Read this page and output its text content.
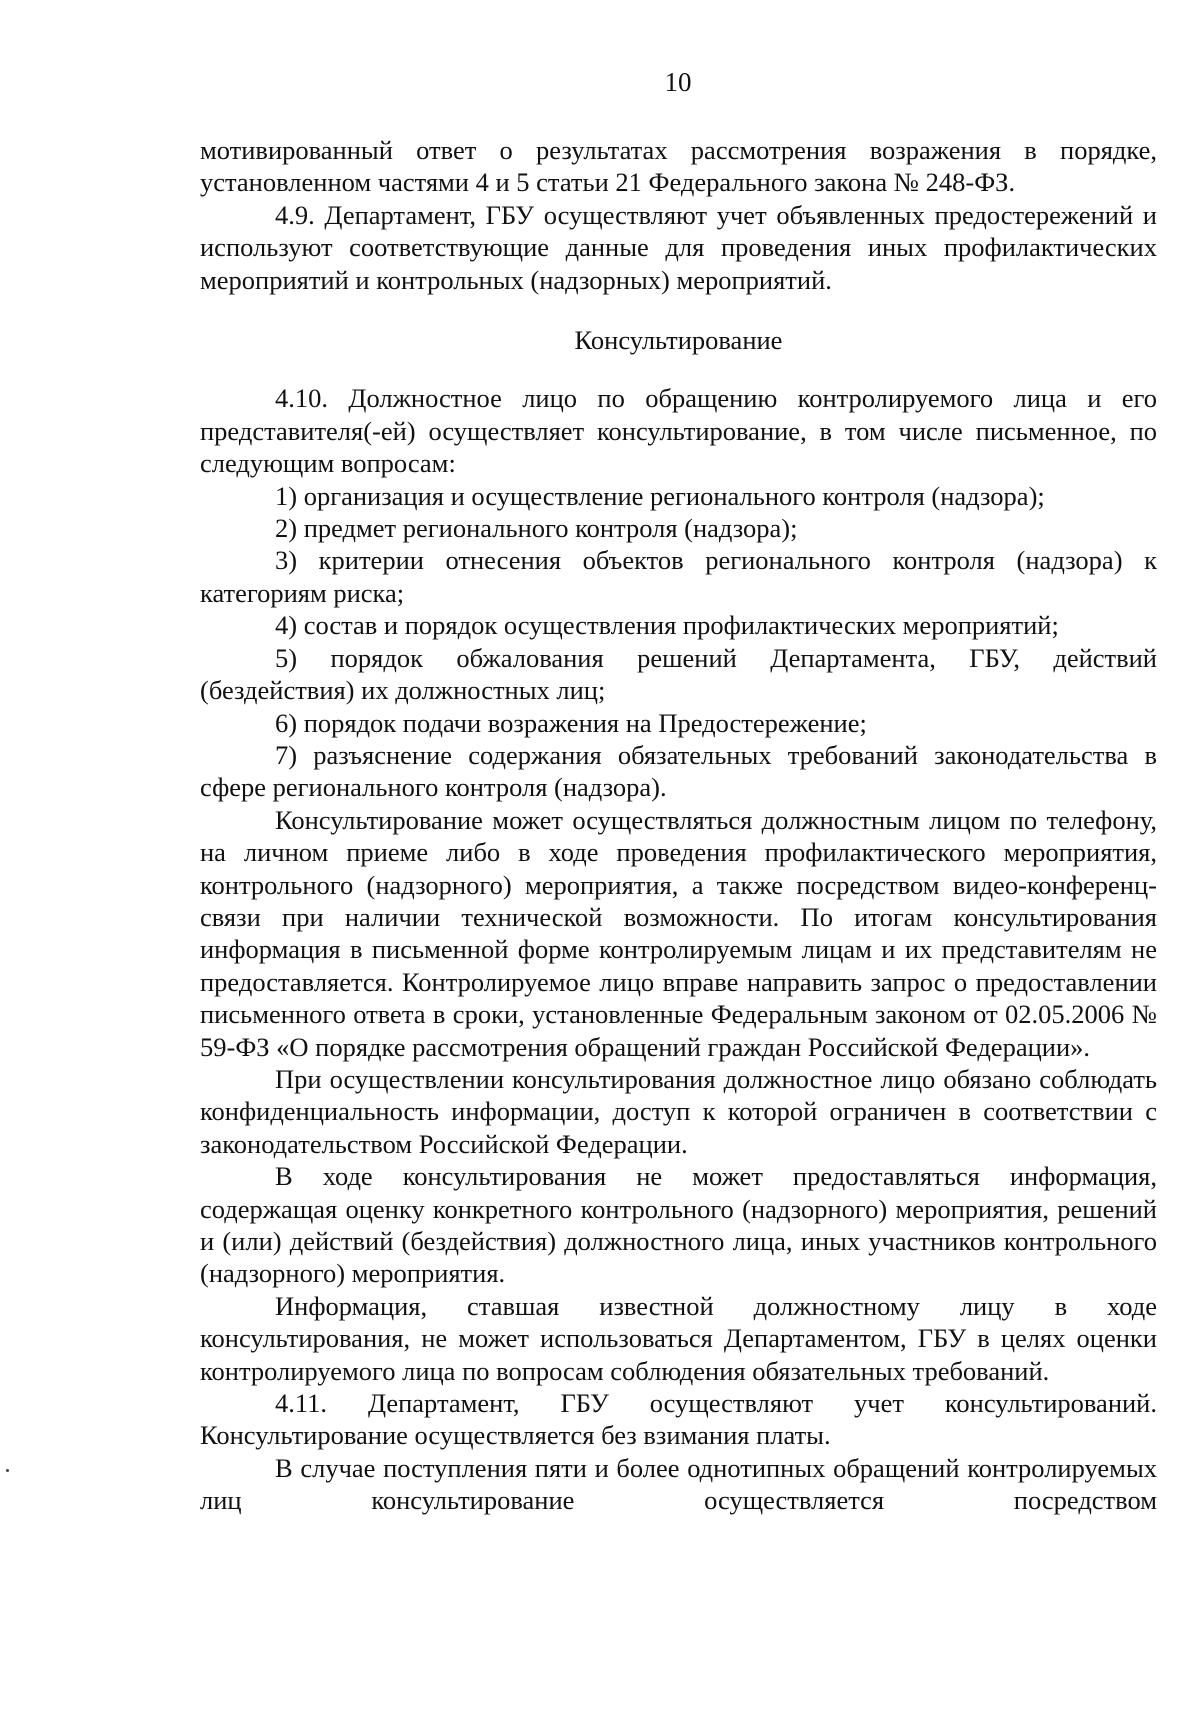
10

мотивированный ответ о результатах рассмотрения возражения в порядке, установленном частями 4 и 5 статьи 21 Федерального закона № 248-ФЗ.

4.9. Департамент, ГБУ осуществляют учет объявленных предостережений и используют соответствующие данные для проведения иных профилактических мероприятий и контрольных (надзорных) мероприятий.

Консультирование

4.10. Должностное лицо по обращению контролируемого лица и его представителя(-ей) осуществляет консультирование, в том числе письменное, по следующим вопросам:

1) организация и осуществление регионального контроля (надзора);

2) предмет регионального контроля (надзора);

3) критерии отнесения объектов регионального контроля (надзора) к категориям риска;

4) состав и порядок осуществления профилактических мероприятий;

5) порядок обжалования решений Департамента, ГБУ, действий (бездействия) их должностных лиц;

6) порядок подачи возражения на Предостережение;

7) разъяснение содержания обязательных требований законодательства в сфере регионального контроля (надзора).

Консультирование может осуществляться должностным лицом по телефону, на личном приеме либо в ходе проведения профилактического мероприятия, контрольного (надзорного) мероприятия, а также посредством видео-конференц-связи при наличии технической возможности. По итогам консультирования информация в письменной форме контролируемым лицам и их представителям не предоставляется. Контролируемое лицо вправе направить запрос о предоставлении письменного ответа в сроки, установленные Федеральным законом от 02.05.2006 № 59-ФЗ «О порядке рассмотрения обращений граждан Российской Федерации».

При осуществлении консультирования должностное лицо обязано соблюдать конфиденциальность информации, доступ к которой ограничен в соответствии с законодательством Российской Федерации.

В ходе консультирования не может предоставляться информация, содержащая оценку конкретного контрольного (надзорного) мероприятия, решений и (или) действий (бездействия) должностного лица, иных участников контрольного (надзорного) мероприятия.

Информация, ставшая известной должностному лицу в ходе консультирования, не может использоваться Департаментом, ГБУ в целях оценки контролируемого лица по вопросам соблюдения обязательных требований.

4.11. Департамент, ГБУ осуществляют учет консультирований. Консультирование осуществляется без взимания платы.

В случае поступления пяти и более однотипных обращений контролируемых лиц консультирование осуществляется посредством
